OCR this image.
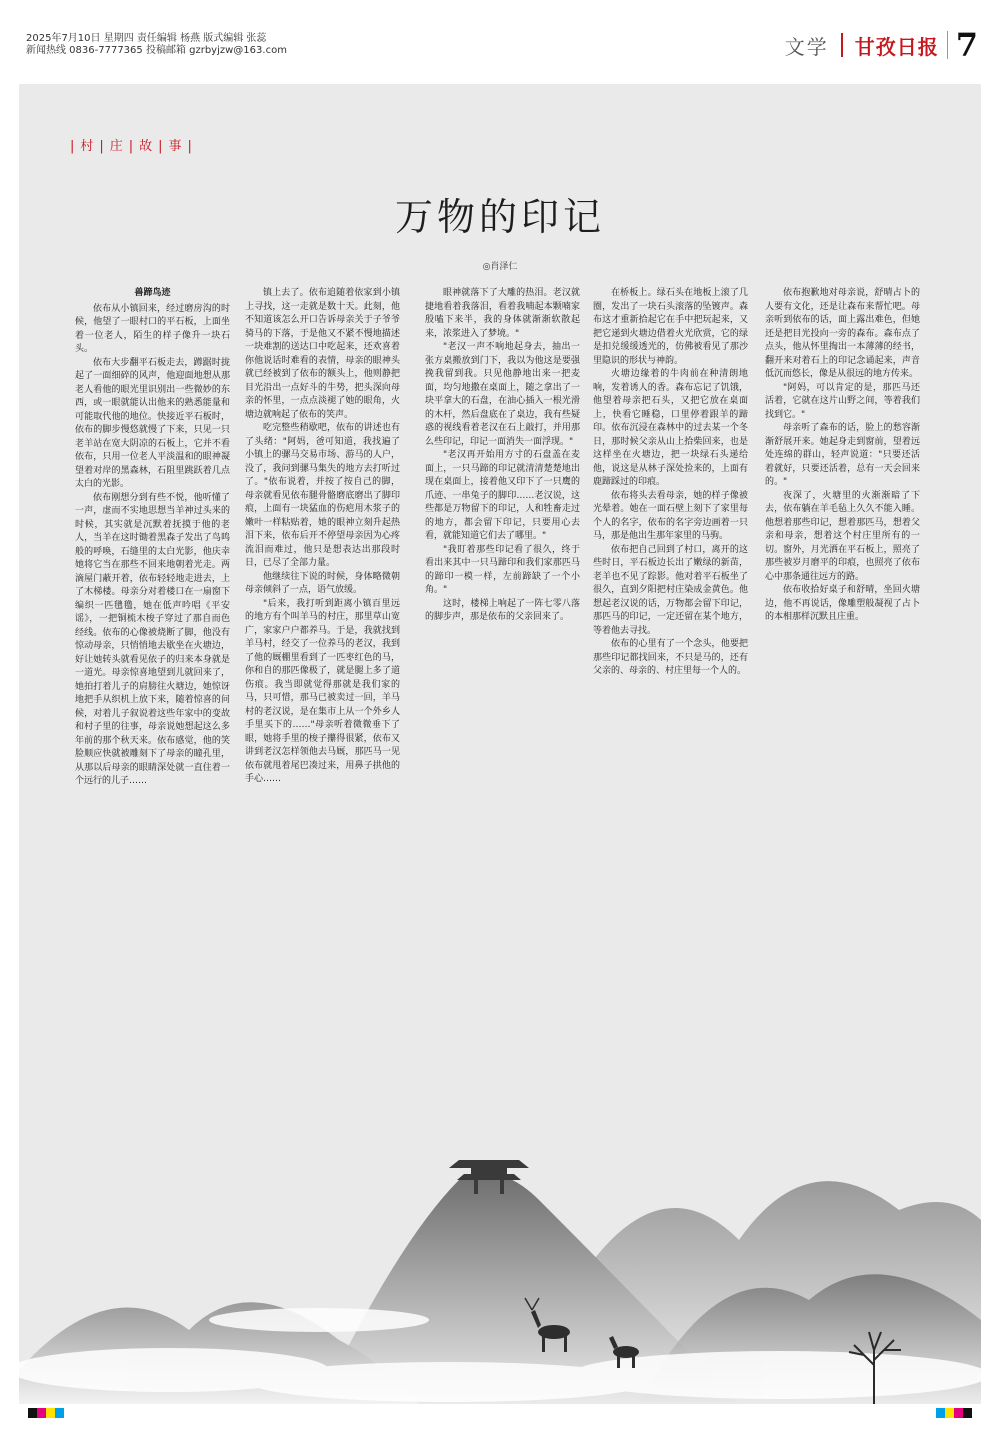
2025年7月10日 星期四 责任编辑 杨燕 版式编辑 张蕊
新闻热线 0836-7777365 投稿邮箱 gzrbyjzw@163.com	文学 甘孜日报 7
|村|庄|故|事|
万物的印记
◎肖泽仁

兽蹄鸟迹

依布从小镇回来，经过磨房沟的时候，他望了一眼村口的平石板，上面坐着一位老人，陌生的样子像升一块石头。

依布大步翻平石板走去，蹲踞时拢起了一面细碎的风声，他迎面地想从那老人看他的眼光里识别出一些微妙的东西，或一眼就能认出他来的熟悉能量和可能取代他的地位。快接近平石板时，依布的脚步慢悠就慢了下来，只见一只老羊站在宽大阴凉的石板上，它并不看依布，只用一位老人平淡温和的眼神凝望着对岸的黑森林，石阻里跳跃着几点太白的光影。

依布刚想分到有些不悦，他听懂了一声，虚而不实地思想当羊神过头来的时候，其实就是沉默着抚摸于他的老人，当羊在这时锄着黑森子发出了鸟鸣般的呼唤，石缝里的太白光影，他庆幸她将它当在那些不回来地朝着光走。两滴屋门蔽开着，依布轻轻地走进去，上了木梯楼。母亲分对着楼口在一扇窗下编织一匹氆氇，她在低声吟唱《平安谣》，一把铜梳木梭子穿过了那自而色经线。依布的心像被烧断了脚，他没有惊动母亲，只悄悄地去歇坐在火塘边，好让她转头就看见依子的归来本身就是一道光。母亲惊喜地望到儿就回来了，她拍打着儿子的肩膀往火塘边，她惊讶地把手从织机上放下来，随着惊喜的问候，对着儿子叙说着这些年家中的变故和村子里的往事，母亲说她想起这么多年前的那个秋天来。依布感觉，他的笑脸顺应快就被雕刻下了母亲的瞳孔里，从那以后母亲的眼睛深处就一直住着一个远行的儿子……

镇上去了。依布追随着依家到小镇上寻找，这一走就是数十天。此刻，他不知道该怎么开口告诉母亲关于子爷爷骑马的下落，于是他又不紧不慢地描述一块难割的送达口中吃起来，还欢喜着你他说话时难看的表情，母亲的眼神头就已经被到了依布的额头上，他则静把目光沿出一点好斗的牛势，把头深向母亲的怀里，一点点淡褪了她的眼角，火塘边就响起了依布的笑声。

吃完整些稍歇吧，依布的讲述也有了头绪："阿妈，爸可知道，我找遍了小镇上的骡马交易市场、游马的人户，没了，我问到骡马集失的地方去打听过了。"依布说着，并按了按自己的脚，母亲就看见依布腿骨骼磨底磨出了脚印痕，上面有一块猛血的伤疤用木浆子的嫩叶一样粘贴着，她的眼神立刻升起热泪下来，依布后开不停望母亲因为心疼流泪而难过，他只是想表达出那段时日，已尽了全部力量。

他继续往下说的时候，身体略微朝母亲倾斜了一点，语气放缓。

"后来，我打听到距离小镇百里远的地方有个叫羊马的村庄，那里草山宽广，家家户户都养马。于是，我就找到羊马村，经交了一位养马的老汉，我到了他的厩棚里看到了一匹枣红色的马，你和自的那匹像极了，就是腿上多了道伤痕。我当即就觉得那就是我们家的马，只可惜，那马已被卖过一回，羊马村的老汉说，是在集市上从一个外乡人手里买下的……"母亲听着微微垂下了眼，她将手里的梭子攥得很紧，依布又讲到老汉怎样领他去马厩，那匹马一见依布就甩着尾巴凑过来，用鼻子拱他的手心……

眼神就落下了大雕的热泪。老汉就捷地看着我落泪，看着我喃起本颗喃家殷嗑下来半，我的身体就渐渐软散起来，浓浆进入了梦境。"

"老汉一声不响地起身去，抽出一张方桌搬放到门下，我以为他这是要强挽我留到我。只见他静地出来一把麦面，均匀地撒在桌面上，随之拿出了一块平拿大的石盘，在油心插入一根光滑的木杆，然后盘底在了桌边，我有些疑惑的视线看着老汉在石上敲打，并用那么些印记，印记一面消失一面浮现。"

"老汉再开始用方寸的石盘盖在麦面上，一只马蹄的印记就清清楚楚地出现在桌面上，接着他又印下了一只鹰的爪迹、一串兔子的脚印……老汉说，这些都是万物留下的印记，人和牲畜走过的地方，都会留下印记，只要用心去看，就能知道它们去了哪里。"

"我盯着那些印记看了很久，终于看出来其中一只马蹄印和我们家那匹马的蹄印一模一样，左前蹄缺了一个小角。"

这时，楼梯上响起了一阵七零八落的脚步声，那是依布的父亲回来了。

在桥板上。绿石头在地板上滚了几圈，发出了一块石头滚落的坠镀声。森布这才重新拾起它在手中把玩起来，又把它递到火塘边借着火光欣赏，它的绿是扣兑缓缓透光的，仿佛被看见了那沙里隐识的形状与神韵。

火塘边缘着的牛肉前在种清朗地响，发着诱人的香。森布忘记了饥饿，他望着母亲把石头，又把它放在桌面上，快看它睡稳，口里停着跟羊的蹄印。依布沉浸在森林中的过去某一个冬日，那时候父亲从山上拾柴回来，也是这样坐在火塘边，把一块绿石头递给他，说这是从林子深处捡来的，上面有鹿蹄踩过的印痕。

依布将头去看母亲，她的样子像被光晕着。她在一面石壁上刻下了家里每个人的名字，依布的名字旁边画着一只马，那是他出生那年家里的马驹。

依布把自己回到了村口，离开的这些时日，平石板边长出了嫩绿的新苗，老羊也不见了踪影。他对着平石板坐了很久，直到夕阳把村庄染成金黄色。他想起老汉说的话，万物都会留下印记，那匹马的印记，一定还留在某个地方，等着他去寻找。

依布的心里有了一个念头，他要把那些印记都找回来，不只是马的，还有父亲的、母亲的、村庄里每一个人的。

依布抱歉地对母亲说，舒晴占卜的人要有文化，还是让森布来帮忙吧。母亲听到依布的话，面上露出难色，但她还是把目光投向一旁的森布。森布点了点头，他从怀里掏出一本薄薄的经书，翻开来对着石上的印记念诵起来，声音低沉而悠长，像是从很远的地方传来。

"阿妈，可以肯定的是，那匹马还活着，它就在这片山野之间，等着我们找到它。"

母亲听了森布的话，脸上的愁容渐渐舒展开来。她起身走到窗前，望着远处连绵的群山，轻声说道："只要还活着就好，只要还活着，总有一天会回来的。"

夜深了，火塘里的火渐渐暗了下去，依布躺在羊毛毡上久久不能入睡。他想着那些印记，想着那匹马，想着父亲和母亲，想着这个村庄里所有的一切。窗外，月光洒在平石板上，照亮了那些被岁月磨平的印痕，也照亮了依布心中那条通往远方的路。

依布收拾好桌子和舒晴，坐回火塘边，他不再说话，像雕塑般凝视了占卜的本相那样沉默且庄重。
